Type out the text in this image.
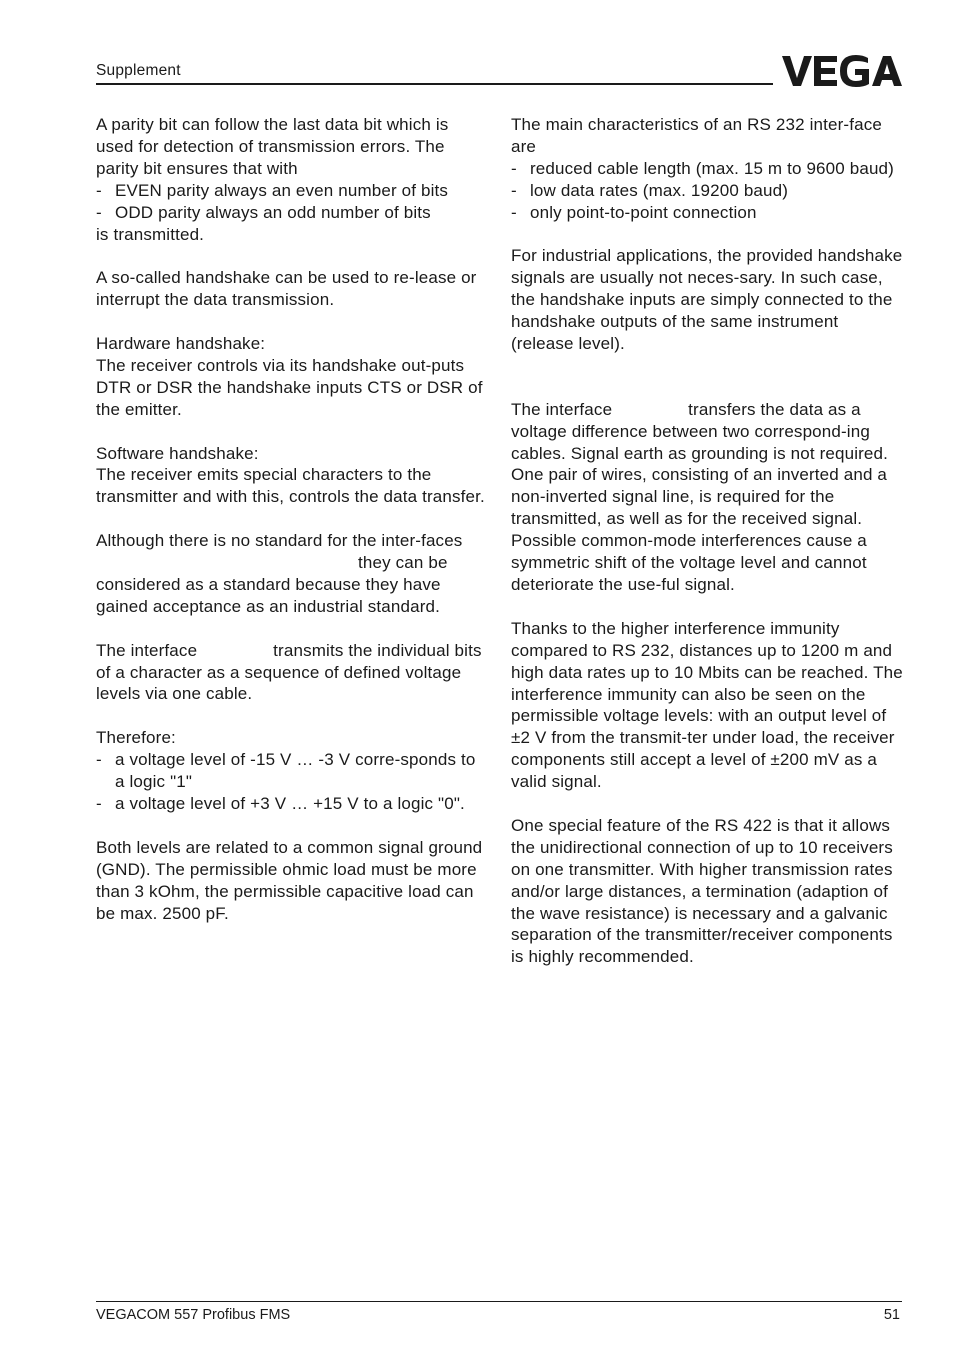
Supplement

A parity bit can follow the last data bit which is used for detection of transmission errors. The parity bit ensures that with

- EVEN parity always an even number of bits
- ODD parity always an odd number of bits

is transmitted.

A so-called handshake can be used to re-lease or interrupt the data transmission.

Hardware handshake:

The receiver controls via its handshake out-puts DTR or DSR the handshake inputs CTS or DSR of the emitter.

Software handshake:

The receiver emits special characters to the transmitter and with this, controls the data transfer.

Although there is no standard for the inter-facesthey can be considered as a standard because they have gained acceptance as an industrial standard.

The interface	transmits the individual bits of a character as a sequence of defined voltage levels via one cable.

Therefore:

- a voltage level of -15 V … -3 V corre-sponds to a logic "1"
- a voltage level of +3 V … +15 V to a logic "0".

Both levels are related to a common signal ground (GND). The permissible ohmic load must be more than 3 kOhm, the permissible capacitive load can be max. 2500 pF.

The main characteristics of an RS 232 inter-face are

- reduced cable length (max. 15 m to 9600 baud)
- low data rates (max. 19200 baud)
- only point-to-point connection

For industrial applications, the provided handshake signals are usually not neces-sary. In such case, the handshake inputs are simply connected to the handshake outputs of the same instrument (release level).

The interface	transfers the data as a voltage difference between two correspond-ing cables. Signal earth as grounding is not required. One pair of wires, consisting of an inverted and a non-inverted signal line, is required for the transmitted, as well as for the received signal. Possible common-mode interferences cause a symmetric shift of the voltage level and cannot deteriorate the use-ful signal.

Thanks to the higher interference immunity compared to RS 232, distances up to 1200 m and high data rates up to 10 Mbits can be reached. The interference immunity can also be seen on the permissible voltage levels: with an output level of ±2 V from the transmit-ter under load, the receiver components still accept a level of ±200 mV as a valid signal.

One special feature of the RS 422 is that it allows the unidirectional connection of up to 10 receivers on one transmitter. With higher transmission rates and/or large distances, a termination (adaption of the wave resistance) is necessary and a galvanic separation of the transmitter/receiver components is highly recommended.

VEGACOM 557 Profibus FMS	51
